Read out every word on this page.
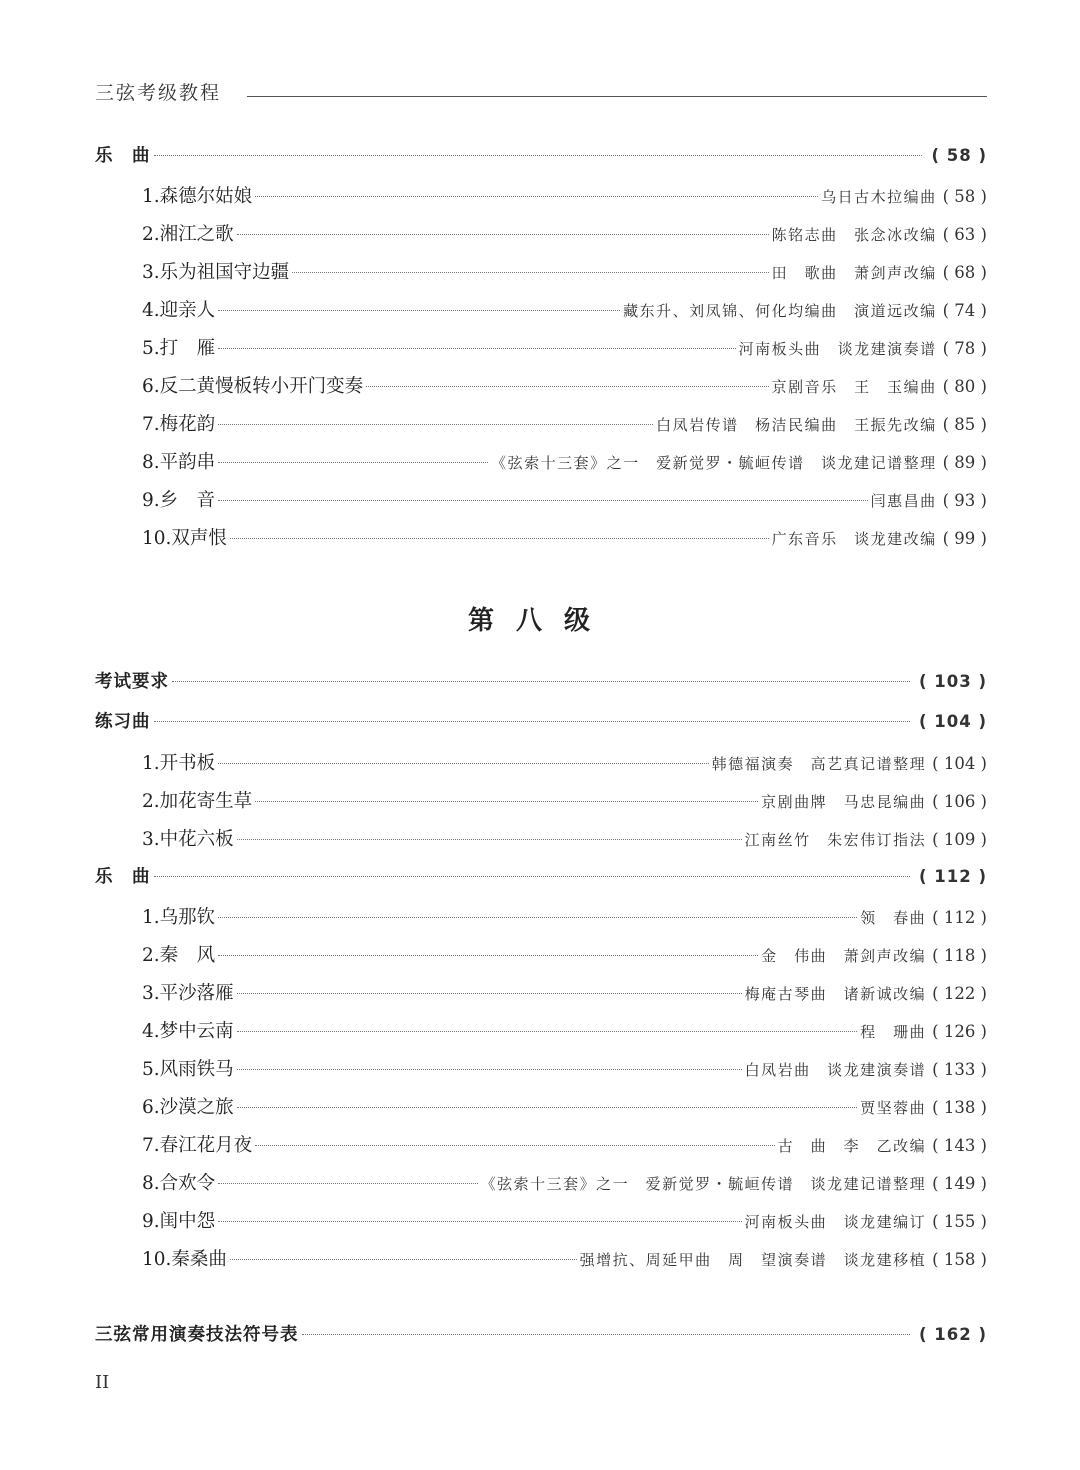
三弦考级教程
乐　曲	( 58 )
1.森德尔姑娘	乌日古木拉编曲 ( 58 )
2.湘江之歌	陈铭志曲　张念冰改编 ( 63 )
3.乐为祖国守边疆	田　歌曲　萧剑声改编 ( 68 )
4.迎亲人	藏东升、刘凤锦、何化均编曲　演道远改编 ( 74 )
5.打　雁	河南板头曲　谈龙建演奏谱 ( 78 )
6.反二黄慢板转小开门变奏	京剧音乐　王　玉编曲 ( 80 )
7.梅花韵	白凤岩传谱　杨洁民编曲　王振先改编 ( 85 )
8.平韵串	《弦索十三套》之一　爱新觉罗・毓峘传谱　谈龙建记谱整理 ( 89 )
9.乡　音	闫惠昌曲 ( 93 )
10.双声恨	广东音乐　谈龙建改编 ( 99 )
第八级
考试要求	( 103 )
练习曲	( 104 )
1.开书板	韩德福演奏　高艺真记谱整理 ( 104 )
2.加花寄生草	京剧曲牌　马忠昆编曲 ( 106 )
3.中花六板	江南丝竹　朱宏伟订指法 ( 109 )
乐　曲	( 112 )
1.乌那钦	领　春曲 ( 112 )
2.秦　风	金　伟曲　萧剑声改编 ( 118 )
3.平沙落雁	梅庵古琴曲　诸新诚改编 ( 122 )
4.梦中云南	程　珊曲 ( 126 )
5.风雨铁马	白凤岩曲　谈龙建演奏谱 ( 133 )
6.沙漠之旅	贾坚蓉曲 ( 138 )
7.春江花月夜	古　曲　李　乙改编 ( 143 )
8.合欢令	《弦索十三套》之一　爱新觉罗・毓峘传谱　谈龙建记谱整理 ( 149 )
9.闺中怨	河南板头曲　谈龙建编订 ( 155 )
10.秦桑曲	强增抗、周延甲曲　周　望演奏谱　谈龙建移植 ( 158 )
三弦常用演奏技法符号表	( 162 )
II
